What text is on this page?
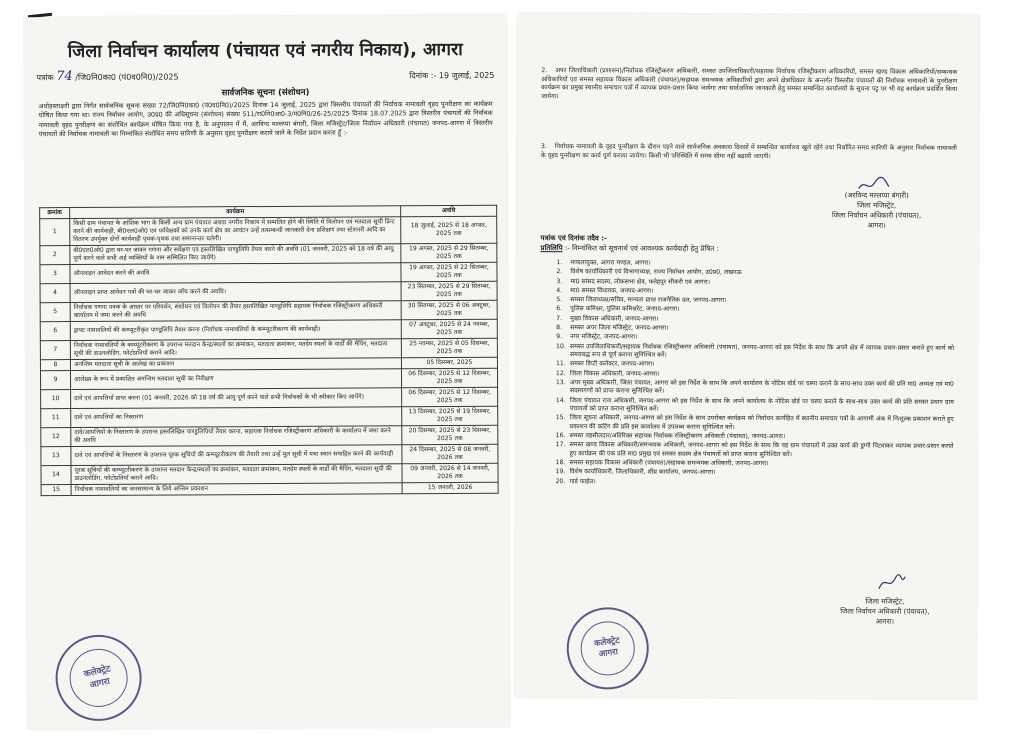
जिला निर्वाचन कार्यालय (पंचायत एवं नगरीय निकाय), आगरा
पत्रांक 74 /जि0नि0का0 (पं0व0नि0)/2025	दिनांक :- 19 जुलाई, 2025
सार्वजनिक सूचना (संशोधन)
अधोहस्ताक्षरी द्वारा निर्गत सार्वजनिक सूचना संख्या 72/जि0नि0का0 (पं0व0नि0)/2025 दिनांक 14 जुलाई, 2025 द्वारा त्रिस्तरीय पंचायतों की निर्वाचक नामावली वृहद पुनरीक्षण का कार्यक्रम घोषित किया गया था। राज्य निर्वाचन आयोग, उ0प्र0 की अधिसूचना (संशोधन) संख्या 511/रा0नि0आ0-3/पं0नि0/26-25/2025 दिनांक 18.07.2025 द्वारा त्रिस्तरीय पंचायतों की निर्वाचक नामावली वृहद पुनरीक्षण का संशोधित कार्यक्रम घोषित किया गया है, के अनुपालन में मैं, अरविन्द मल्लप्पा बंगारी, जिला मजिस्ट्रेट/जिला निर्वाचन अधिकारी (पंचायत) जनपद-आगरा में त्रिस्तरीय पंचायतों की निर्वाचक नामावली का निम्नांकित संशोधित समय सारिणी के अनुसार वृहद पुनरीक्षण कराये जाने के निर्देश प्रदान करता हूँ :-
क्रमांक	कार्यक्रम	अवधि
1	किसी ग्राम पंचायत के आंशिक भाग के किसी अन्य ग्राम पंचायत अथवा नगरीय निकाय में सम्मलित होने की स्थिति में विलोपन एवं मतदाता सूची प्रिन्ट करने की कार्यवाही, बी0एल0ओ0 एवं पर्यवेक्षकों को उनके कार्य क्षेत्र का आवंटन उन्हें तत्सम्बन्धी जानकारी देना प्रशिक्षण तथा स्टेशनरी आदि का वितरण उपर्युक्त दोनों कार्यवाही पृथक-पृथक तथा समानान्तर चलेगी।	18 जुलाई, 2025 से 18 अगस्त, 2025 तक
2	बी0एल0ओ0 द्वारा घर-घर जाकर गणना और सर्वेक्षण एवं हस्तलिखित पाण्डुलिपि तैयार करने की अवधि (01 जनवरी, 2025 को 18 वर्ष की आयु पूर्ण करने वाले सभी अर्ह व्यक्तियों के नाम सम्मिलित किए जायेंगे)	19 अगस्त, 2025 से 29 सितम्बर, 2025 तक
3	ऑनलाइन आवेदन करने की अवधि	19 अगस्त, 2025 से 22 सितम्बर, 2025 तक
4	ऑनलाइन प्राप्त आवेदन पत्रों की घर-घर जाकर जाँच करने की अवधि।	23 सितम्बर, 2025 से 29 सितम्बर, 2025 तक
5	निर्वाचक गणना पत्रक के आधार पर परिवर्धन, संशोधन एवं विलोपन की तैयार हस्तलिखित पाण्डुलिपि सहायक निर्वाचक रजिस्ट्रीकरण अधिकारी कार्यालय में जमा करने की अवधि	30 सितम्बर, 2025 से 06 अक्टूबर, 2025 तक
6	ड्राफ्ट नामावलियों की कम्प्यूटरीकृत पाण्डुलिपि तैयार करना (निर्वाचक नामावलियों के कम्प्यूटरीकरण की कार्यवाही)	07 अक्टूबर, 2025 से 24 नवम्बर, 2025 तक
7	निर्वाचक नामावलियों के कम्प्यूटरीकरण के उपरान्त मतदान केन्द्र/स्थलों का क्रमांकन, मतदाता क्रमांकन, मतदेय स्थलों के वार्डों की मैपिंग, मतदाता सूची की डाउनलोडिंग, फोटोप्रतियाँ कराने आदि।	25 नवम्बर, 2025 से 05 दिसम्बर, 2025 तक
8	अनन्तिम मतदाता सूची के आलेख का प्रकाशन	05 दिसम्बर, 2025
9	आलेख्य के रूप में प्रकाशित अनन्तिम मतदाता सूची का निरीक्षण	06 दिसम्बर, 2025 से 12 दिसम्बर, 2025 तक
10	दावे एवं आपत्तियाँ प्राप्त करना (01 जनवरी, 2026 को 18 वर्ष की आयु पूर्ण करने वाले सभी निर्वाचकों के भी स्वीकार किए जायेंगे)	06 दिसम्बर, 2025 से 12 दिसम्बर, 2025 तक
11	दावे एवं आपत्तियों का निस्तारण	13 दिसम्बर, 2025 से 19 दिसम्बर, 2025 तक
12	दावे/आपत्तियों के निस्तारण के उपरान्त हस्तलिखित पाण्डुलिपियाँ तैयार करना, सहायक निर्वाचक रजिस्ट्रीकरण अधिकारी के कार्यालय में जमा करने की अवधि	20 दिसम्बर, 2025 से 23 दिसम्बर, 2025 तक
13	दावे एवं आपत्तियों के निस्तारण के उपरान्त पूरक सूचियों की कम्प्यूटरीकरण की तैयारी तथा उन्हें मूल सूची में यथा स्थान समाहित करने की कार्यवाही	24 दिसम्बर, 2025 से 08 जनवरी, 2026 तक
14	पूरक सूचियों की कम्प्यूटरीकरण के उपरान्त मतदान केन्द्र/स्थलों का क्रमांकन, मतदाता क्रमांकन, मतदेय स्थलों के वार्डों की मैपिंग, मतदाता सूची की डाउनलोडिंग, फोटोप्रतियाँ कराने आदि।	09 जनवरी, 2026 से 14 जनवरी, 2026 तक
15	निर्वाचक नामावलियों का जनसामान्य के लिये अन्तिम प्रकाशन	15 जनवरी, 2026
कलेक्ट्रेट
आगरा
2. अपर जिलाधिकारी (प्रशासन)/निर्वाचक रजिस्ट्रीकरण अधिकारी, समस्त उपजिलाधिकारी/सहायक निर्वाचक रजिस्ट्रीकरण अधिकारियों, समस्त खण्ड विकास अधिकारियों/सम्बन्धक अधिकारियों एवं समस्त सहायक विकास अधिकारी (पंचायत)/सहायक समन्वयक अधिकारियों द्वारा अपने क्षेत्राधिकार के अन्तर्गत त्रिस्तरीय पंचायतों की निर्वाचक नामावली के पुनरीक्षण कार्यक्रम का प्रमुख स्थानीय समाचार पत्रों में व्यापक प्रचार-प्रसार किया जायेगा तथा सार्वजनिक जानकारी हेतु समस्त सम्बन्धित कार्यालयों के सूचना पट्ट पर भी यह कार्यक्रम प्रदर्शित किया जायेगा।
3. निर्वाचक नामावली के वृहद पुनरीक्षण के दौरान पड़ने वाले सार्वजनिक अवकाश दिवसों में सम्बन्धित कार्यालय खुले रहेंगे तथा निर्धारित समय सारिणी के अनुसार निर्वाचक नामावली के वृहद पुनरीक्षण का कार्य पूर्ण कराया जायेगा। किसी भी परिस्थिति में समय सीमा नहीं बढ़ायी जाएगी।
(अरविन्द मल्लप्पा बंगारी)
जिला मजिस्ट्रेट,
जिला निर्वाचन अधिकारी (पंचायत),
आगरा।
पत्रांक एवं दिनांक तदैव :-
प्रतिलिपि :- निम्नांकित को सूचनार्थ एवं आवश्यक कार्यवाही हेतु प्रेषित :
1.	मण्डलायुक्त, आगरा मण्डल, आगरा।
2.	विशेष कार्याधिकारी एवं विभागाध्यक्ष, राज्य निर्वाचन आयोग, उ0प्र0, लखनऊ
3.	मा0 सांसद सदस्य, लोकसभा क्षेत्र, फतेहपुर सीकरी एवं आगरा।
4.	मा0 समस्त विधायक, जनपद-आगरा।
5.	समस्त जिलाध्यक्ष/सचिव, मान्यता प्राप्त राजनैतिक दल, जनपद-आगरा।
6.	पुलिस कमिश्नर, पुलिस कमिश्नरेट, जनपद-आगरा।
7.	मुख्य विकास अधिकारी, जनपद-आगरा।
8.	समस्त अपर जिला मजिस्ट्रेट, जनपद-आगरा।
9.	नगर मजिस्ट्रेट, जनपद-आगरा।
10. समस्त उपजिलाधिकारी/सहायक निर्वाचक रजिस्ट्रीकरण अधिकारी (पंचायत), जनपद-आगरा को इस निर्देश के साथ कि अपने क्षेत्र में व्यापक प्रचार-प्रसार कराते हुए कार्य को समयबद्ध रूप से पूर्ण कराना सुनिश्चित करें।
11. समस्त डिप्टी कलेक्टर, जनपद-आगरा।
12. जिला विकास अधिकारी, जनपद-आगरा।
13. अपर मुख्य अधिकारी, जिला पंचायत, आगरा को इस निर्देश के साथ कि अपने कार्यालय के नोटिस बोर्ड पर चस्पा कराने के साथ-साथ उक्त कार्य की प्रति मा0 अध्यक्ष एवं मा0 सदस्यगणों को प्राप्त कराना सुनिश्चित करें।
14. जिला पंचायत राज अधिकारी, जनपद-आगरा को इस निर्देश के साथ कि अपने कार्यालय के नोटिस बोर्ड पर चस्पा कराने के साथ-साथ उक्त कार्य की प्रति समस्त प्रधान ग्राम पंचायतों को प्राप्त कराना सुनिश्चित करें।
15. जिला सूचना अधिकारी, जनपद-आगरा को इस निर्देश के साथ उपरोक्त कार्यक्रम को निर्वाचन कार्यहित में स्थानीय समाचार पत्रों के आगामी अंक में निःशुल्क प्रकाशन कराते हुए प्रकाशन की कटिंग की प्रति इस कार्यालय में उपलब्ध कराना सुनिश्चित करें।
16. समस्त तहसीलदार/अतिरिक्त सहायक निर्वाचक रजिस्ट्रीकरण अधिकारी (पंचायत), जनपद-आगरा।
17. समस्त खण्ड विकास अधिकारी/समन्वयक अधिकारी, जनपद-आगरा को इस निर्देश के साथ कि वह ग्राम पंचायतों में उक्त कार्य की डुग्गी पिटवाकर व्यापक प्रचार-प्रसार कराते हुए कार्यक्रम की एक प्रति मा0 प्रमुख एवं समस्त सदस्य क्षेत्र पंचायतों को प्राप्त कराना सुनिश्चित करें।
18. समस्त सहायक विकास अधिकारी (पंचायत)/सहायक समन्वयक अधिकारी, जनपद-आगरा।
19. विशेष कार्याधिकारी, जिलाधिकारी, शीघ्र कार्यालय, जनपद-आगरा।
20. गार्ड फाईल।
जिला मजिस्ट्रेट,
जिला निर्वाचन अधिकारी (पंचायत),
आगरा।
कलेक्ट्रेट
आगरा
